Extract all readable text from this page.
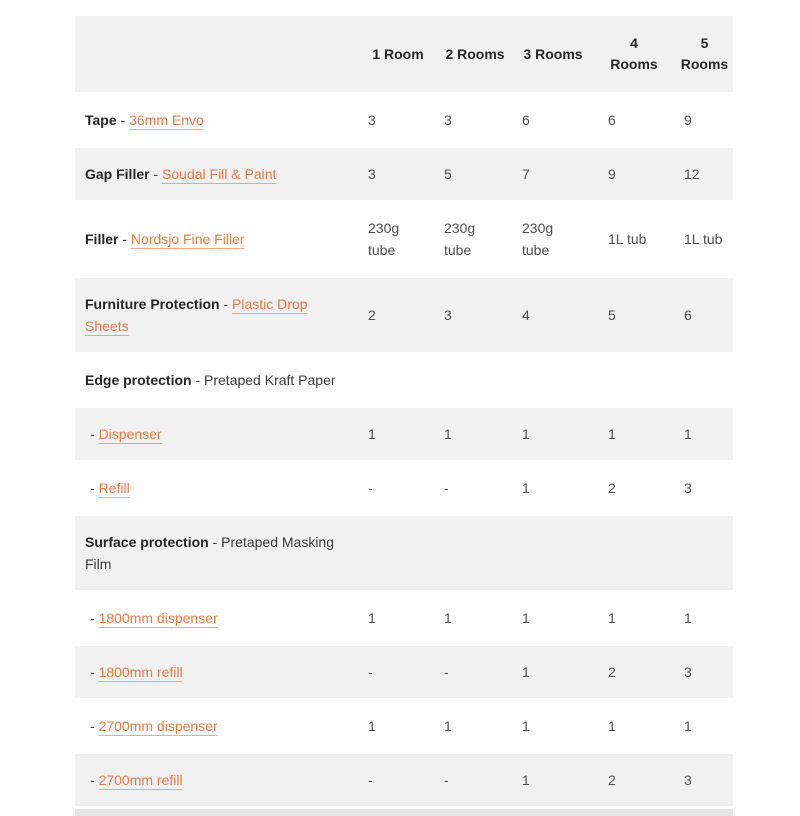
	1 Room	2 Rooms	3 Rooms	4 Rooms	5 Rooms
Tape - 36mm Envo	3	3	6	6	9
Gap Filler - Soudal Fill & Paint	3	5	7	9	12
Filler - Nordsjo Fine Filler	230g tube	230g tube	230g tube	1L tub	1L tub
Furniture Protection - Plastic Drop Sheets	2	3	4	5	6
Edge protection - Pretaped Kraft Paper					
- Dispenser	1	1	1	1	1
- Refill	-	-	1	2	3
Surface protection - Pretaped Masking Film					
- 1800mm dispenser	1	1	1	1	1
- 1800mm refill	-	-	1	2	3
- 2700mm dispenser	1	1	1	1	1
- 2700mm refill	-	-	1	2	3
